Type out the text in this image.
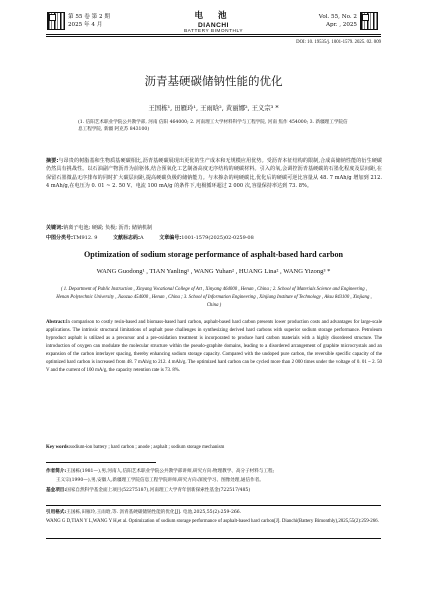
第 55 卷 第 2 期
2025 年 4 月
电 池
DIANCHI
BATTERY BIMONTHLY
Vol. 55, No. 2
Apr. , 2025
DOI: 10. 19535/j. 1001-1579. 2025. 02. 009
沥青基硬碳储钠性能的优化
王国栋¹, 田雁玲¹, 王雨晗², 黄丽娜², 王义宗³ *
(1. 信阳艺术职业学院公共教学部, 河南 信阳 464000; 2. 河南理工大学材料科学与工程学院, 河南 焦作 454000; 3. 新疆理工学院信息工程学院, 新疆 阿克苏 843100)
摘要:与昂贵的树脂基和生物质基硬碳相比,沥青基硬碳展现出更优的生产成本和无规模应用优势。受沥青本征结构的限制,合成高储钠性能的衍生硬碳仍然具有挑战性。以石油副产物沥青为前驱体,结合预氧化工艺制备高度无序结构的硬碳材料。引入的氧,会调控沥青基硬碳的石墨化程度及层间距,在保留石墨微晶无序排布的同时扩大碳层间距,提高硬碳负极的储钠能力。与未掺杂的纯硬碳比,优化后的硬碳可逆比容量从 48. 7 mAh/g 增加到 212. 4 mAh/g,在电压为 0. 01 ~ 2. 50 V、电流 100 mA/g 的条件下,电极循环超过 2 000 次,容量保持率达到 73. 8%。
关键词:钠离子电池; 硬碳; 负极; 沥青; 储钠机制
中图分类号:TM912. 9	文献标志码:A	文章编号:1001-1579(2025)02-0259-08
Optimization of sodium storage performance of asphalt-based hard carbon
WANG Guodong¹ , TIAN Yanling¹ , WANG Yuhan² , HUANG Lina² , WANG Yizong³ *
( 1. Department of Public Instruction , Xinyang Vocational College of Art , Xinyang 464000 , Henan , China ; 2. School of Materials Science and Engineering , Henan Polytechnic University , Jiaozuo 454000 , Henan , China ; 3. School of Information Engineering , Xinjiang Institute of Technology , Aksu 843100 , Xinjiang , China )
Abstract:In comparison to costly resin-based and biomass-based hard carbon, asphalt-based hard carbon presents lower production costs and advantages for large-scale applications. The intrinsic structural limitations of asphalt pose challenges in synthesizing derived hard carbons with superior sodium storage performance. Petroleum byproduct asphalt is utilized as a precursor and a pre-oxidation treatment is incorporated to produce hard carbon materials with a highly disordered structure. The introduction of oxygen can modulate the molecular structure within the pseudo-graphite domains, leading to a disordered arrangement of graphite microcrystals and an expansion of the carbon interlayer spacing, thereby enhancing sodium storage capacity. Compared with the undoped pure carbon, the reversible specific capacity of the optimized hard carbon is increased from 48. 7 mAh/g to 212. 4 mAh/g. The optimized hard carbon can be cycled more than 2 000 times under the voltage of 0. 01 ~ 2. 50 V and the current of 100 mA/g, the capacity retention rate is 73. 8%.
Key words:sodium-ion battery ; hard carbon ; anode ; asphalt ; sodium storage mechanism
作者简介:王国栋(1981—),男,河南人,信阳艺术职业学院公共教学部讲师,研究方向:物理教学、高分子材料与工程;
王义宗(1990—),男,安徽人,新疆理工学院信息工程学院讲师,研究方向:深度学习、图像处理,通信作者。
基金项目:国家自然科学基金面上项目(52275187),河南理工大学青年创新探索性基金(722517/485)
引用格式:王国栋,田雁玲,王雨晗,等. 沥青基硬碳储钠性能的优化[J]. 电池,2025,55(2):259-266.
WANG G D,TIAN Y L,WANG Y H,et al. Optimization of sodium storage performance of asphalt-based hard carbon[J]. Dianchi(Battery Bimonthly),2025,55(2):259-266.
